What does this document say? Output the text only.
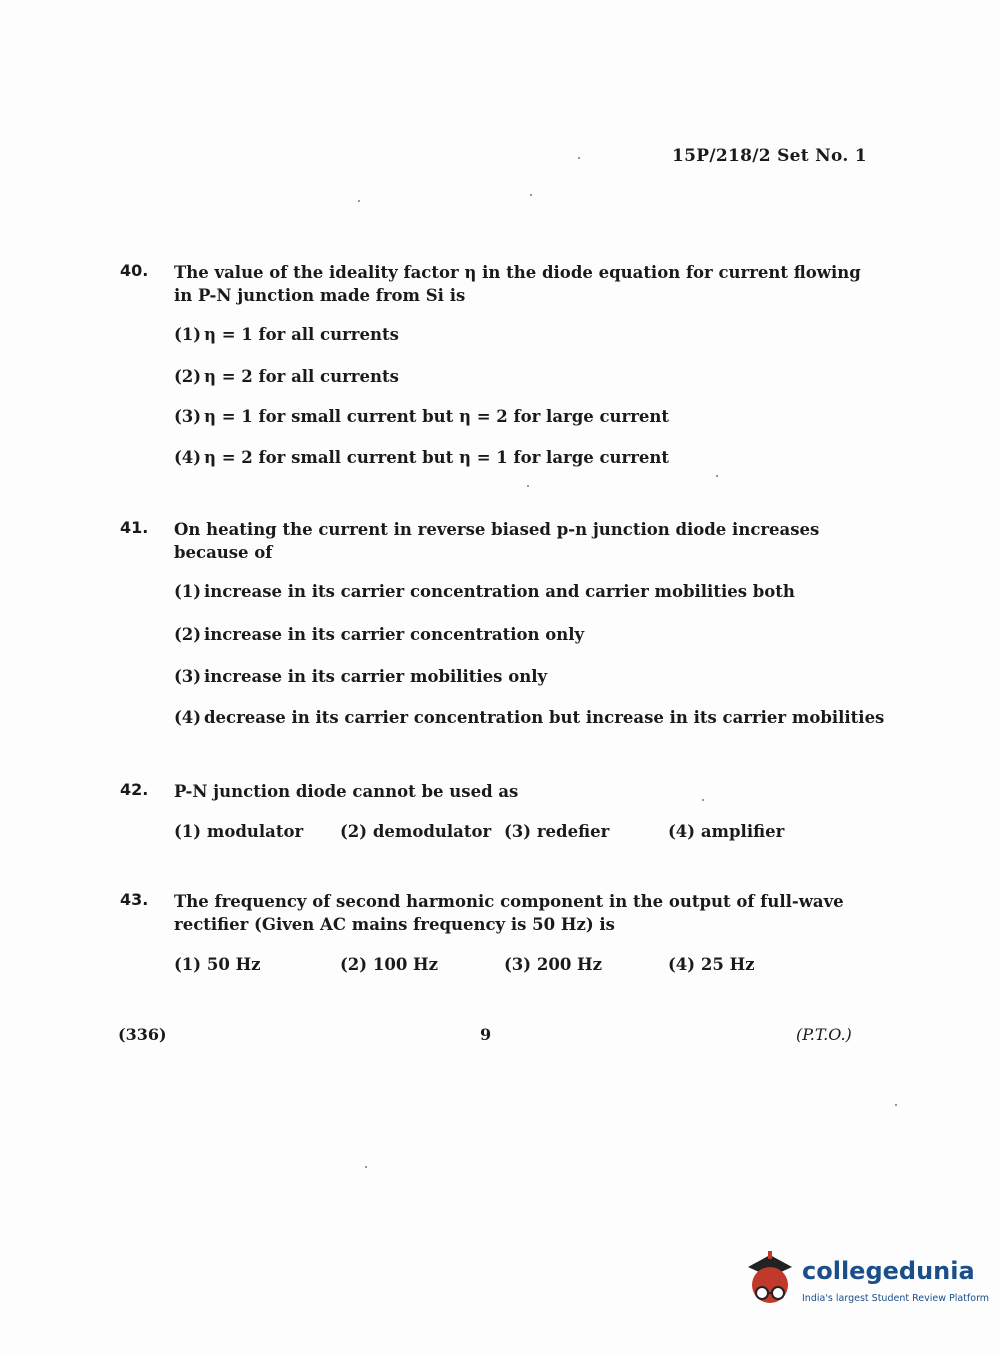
15P/218/2 Set No. 1
40. The value of the ideality factor η in the diode equation for current flowing in P-N junction made from Si is
(1) η = 1 for all currents
(2) η = 2 for all currents
(3) η = 1 for small current but η = 2 for large current
(4) η = 2 for small current but η = 1 for large current
41. On heating the current in reverse biased p-n junction diode increases because of
(1) increase in its carrier concentration and carrier mobilities both
(2) increase in its carrier concentration only
(3) increase in its carrier mobilities only
(4) decrease in its carrier concentration but increase in its carrier mobilities
42. P-N junction diode cannot be used as
(1) modulator (2) demodulator (3) redefier	(4) amplifier
43. The frequency of second harmonic component in the output of full-wave rectifier (Given AC mains frequency is 50 Hz) is
(1) 50 Hz	(2) 100 Hz	(3) 200 Hz	(4) 25 Hz
(336)	9	(P.T.O.)
collegedunia
India's largest Student Review Platform
